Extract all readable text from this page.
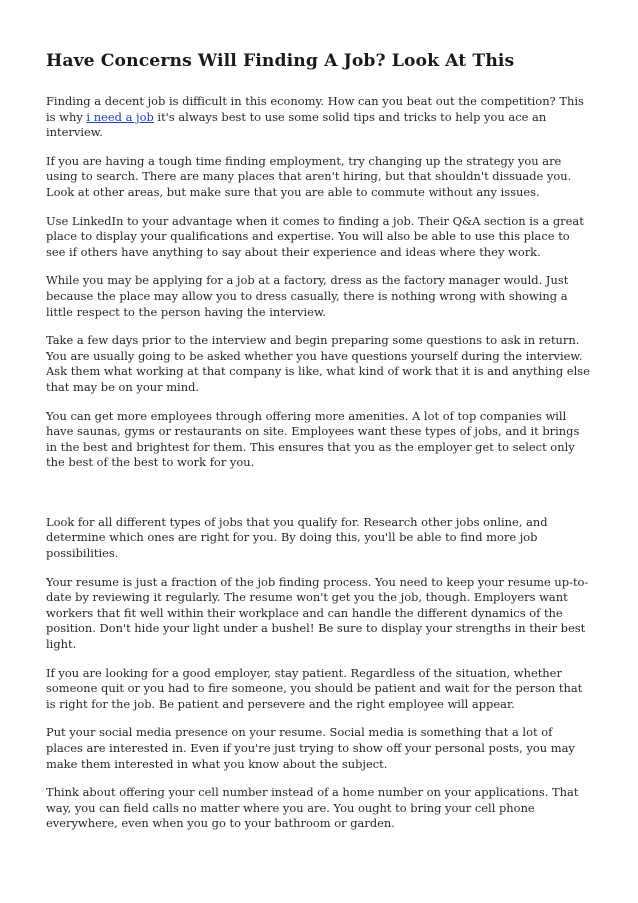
Have Concerns Will Finding A Job? Look At This

Finding a decent job is difficult in this economy. How can you beat out the competition? This is why i need a job it's always best to use some solid tips and tricks to help you ace an interview.

If you are having a tough time finding employment, try changing up the strategy you are using to search. There are many places that aren't hiring, but that shouldn't dissuade you. Look at other areas, but make sure that you are able to commute without any issues.

Use LinkedIn to your advantage when it comes to finding a job. Their Q&A section is a great place to display your qualifications and expertise. You will also be able to use this place to see if others have anything to say about their experience and ideas where they work.

While you may be applying for a job at a factory, dress as the factory manager would. Just because the place may allow you to dress casually, there is nothing wrong with showing a little respect to the person having the interview.

Take a few days prior to the interview and begin preparing some questions to ask in return. You are usually going to be asked whether you have questions yourself during the interview. Ask them what working at that company is like, what kind of work that it is and anything else that may be on your mind.

You can get more employees through offering more amenities. A lot of top companies will have saunas, gyms or restaurants on site. Employees want these types of jobs, and it brings in the best and brightest for them. This ensures that you as the employer get to select only the best of the best to work for you.

Look for all different types of jobs that you qualify for. Research other jobs online, and determine which ones are right for you. By doing this, you'll be able to find more job possibilities.

Your resume is just a fraction of the job finding process. You need to keep your resume up-to-date by reviewing it regularly. The resume won't get you the job, though. Employers want workers that fit well within their workplace and can handle the different dynamics of the position. Don't hide your light under a bushel! Be sure to display your strengths in their best light.

If you are looking for a good employer, stay patient. Regardless of the situation, whether someone quit or you had to fire someone, you should be patient and wait for the person that is right for the job. Be patient and persevere and the right employee will appear.

Put your social media presence on your resume. Social media is something that a lot of places are interested in. Even if you're just trying to show off your personal posts, you may make them interested in what you know about the subject.

Think about offering your cell number instead of a home number on your applications. That way, you can field calls no matter where you are. You ought to bring your cell phone everywhere, even when you go to your bathroom or garden.
